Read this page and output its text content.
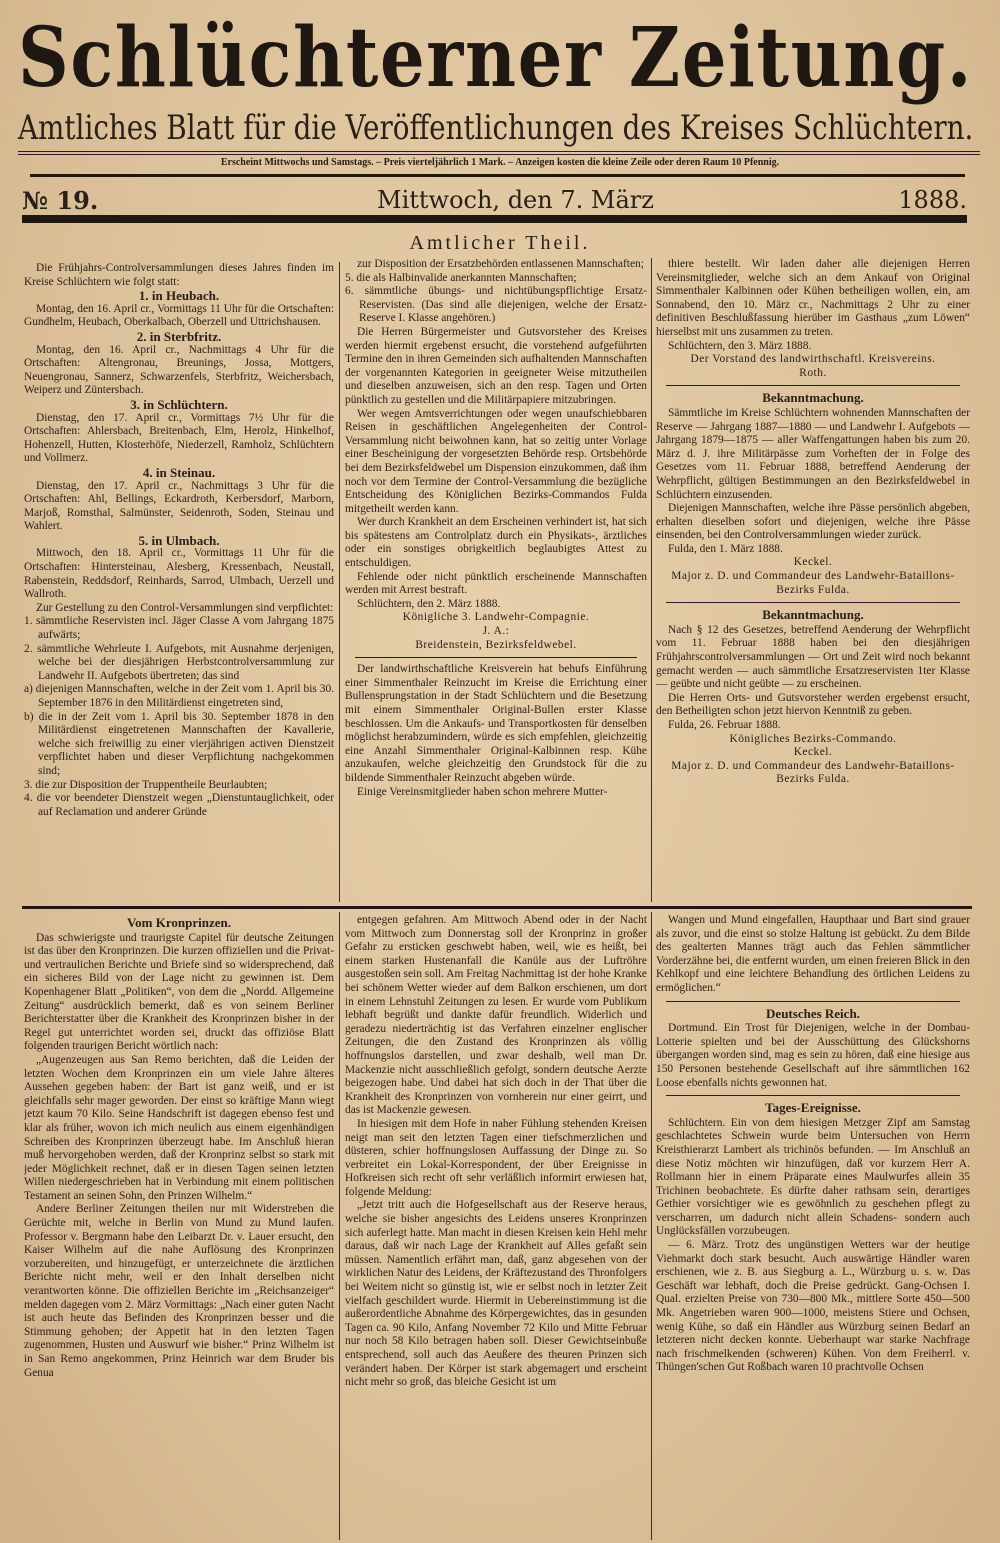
Schlüchterner Zeitung.
Amtliches Blatt für die Veröffentlichungen des Kreises Schlüchtern.
Erscheint Mittwochs und Samstags. – Preis vierteljährlich 1 Mark. – Anzeigen kosten die kleine Zeile oder deren Raum 10 Pfennig.
№ 19.	Mittwoch, den 7. März	1888.
Amtlicher Theil.

Die Frühjahrs-Controlversammlungen dieses Jahres finden im Kreise Schlüchtern wie folgt statt:

1. in Heubach.

Montag, den 16. April cr., Vormittags 11 Uhr für die Ortschaften: Gundhelm, Heubach, Oberkalbach, Oberzell und Uttrichshausen.

2. in Sterbfritz.

Montag, den 16. April cr., Nachmittags 4 Uhr für die Ortschaften: Altengronau, Breunings, Jossa, Mottgers, Neuengronau, Sannerz, Schwarzenfels, Sterbfritz, Weichersbach, Weiperz und Züntersbach.

3. in Schlüchtern.

Dienstag, den 17. April cr., Vormittags 7½ Uhr für die Ortschaften: Ahlersbach, Breitenbach, Elm, Herolz, Hinkelhof, Hohenzell, Hutten, Klosterhöfe, Niederzell, Ramholz, Schlüchtern und Vollmerz.

4. in Steinau.

Dienstag, den 17. April cr., Nachmittags 3 Uhr für die Ortschaften: Ahl, Bellings, Eckardroth, Kerbersdorf, Marborn, Marjoß, Romsthal, Salmünster, Seidenroth, Soden, Steinau und Wahlert.

5. in Ulmbach.

Mittwoch, den 18. April cr., Vormittags 11 Uhr für die Ortschaften: Hintersteinau, Alesberg, Kressenbach, Neustall, Rabenstein, Reddsdorf, Reinhards, Sarrod, Ulmbach, Uerzell und Wallroth.

Zur Gestellung zu den Control-Versammlungen sind verpflichtet:

1. sämmtliche Reservisten incl. Jäger Classe A vom Jahrgang 1875 aufwärts;

2. sämmtliche Wehrleute I. Aufgebots, mit Ausnahme derjenigen, welche bei der diesjährigen Herbstcontrolversammlung zur Landwehr II. Aufgebots übertreten; das sind

a) diejenigen Mannschaften, welche in der Zeit vom 1. April bis 30. September 1876 in den Militärdienst eingetreten sind,

b) die in der Zeit vom 1. April bis 30. September 1878 in den Militärdienst eingetretenen Mannschaften der Kavallerie, welche sich freiwillig zu einer vierjährigen activen Dienstzeit verpflichtet haben und dieser Verpflichtung nachgekommen sind;

3. die zur Disposition der Truppentheile Beurlaubten;

4. die vor beendeter Dienstzeit wegen „Dienstuntauglichkeit, oder auf Reclamation und anderer Gründe

zur Disposition der Ersatzbehörden entlassenen Mannschaften;

5. die als Halbinvalide anerkannten Mannschaften;

6. sämmtliche übungs- und nichtübungspflichtige Ersatz-Reservisten. (Das sind alle diejenigen, welche der Ersatz-Reserve I. Klasse angehören.)

Die Herren Bürgermeister und Gutsvorsteher des Kreises werden hiermit ergebenst ersucht, die vorstehend aufgeführten Termine den in ihren Gemeinden sich aufhaltenden Mannschaften der vorgenannten Kategorien in geeigneter Weise mitzutheilen und dieselben anzuweisen, sich an den resp. Tagen und Orten pünktlich zu gestellen und die Militärpapiere mitzubringen.

Wer wegen Amtsverrichtungen oder wegen unaufschiebbaren Reisen in geschäftlichen Angelegenheiten der Control-Versammlung nicht beiwohnen kann, hat so zeitig unter Vorlage einer Bescheinigung der vorgesetzten Behörde resp. Ortsbehörde bei dem Bezirksfeldwebel um Dispension einzukommen, daß ihm noch vor dem Termine der Control-Versammlung die bezügliche Entscheidung des Königlichen Bezirks-Commandos Fulda mitgetheilt werden kann.

Wer durch Krankheit an dem Erscheinen verhindert ist, hat sich bis spätestens am Controlplatz durch ein Physikats-, ärztliches oder ein sonstiges obrigkeitlich beglaubigtes Attest zu entschuldigen.

Fehlende oder nicht pünktlich erscheinende Mannschaften werden mit Arrest bestraft.

Schlüchtern, den 2. März 1888.

Königliche 3. Landwehr-Compagnie.

J. A.:

Breidenstein, Bezirksfeldwebel.

Der landwirthschaftliche Kreisverein hat behufs Einführung einer Simmenthaler Reinzucht im Kreise die Errichtung einer Bullensprungstation in der Stadt Schlüchtern und die Besetzung mit einem Simmenthaler Original-Bullen erster Klasse beschlossen. Um die Ankaufs- und Transportkosten für denselben möglichst herabzumindern, würde es sich empfehlen, gleichzeitig eine Anzahl Simmenthaler Original-Kalbinnen resp. Kühe anzukaufen, welche gleichzeitig den Grundstock für die zu bildende Simmenthaler Reinzucht abgeben würde.

Einige Vereinsmitglieder haben schon mehrere Mutter-

thiere bestellt. Wir laden daher alle diejenigen Herren Vereinsmitglieder, welche sich an dem Ankauf von Original Simmenthaler Kalbinnen oder Kühen betheiligen wollen, ein, am Sonnabend, den 10. März cr., Nachmittags 2 Uhr zu einer definitiven Beschlußfassung hierüber im Gasthaus „zum Löwen“ hierselbst mit uns zusammen zu treten.

Schlüchtern, den 3. März 1888.

Der Vorstand des landwirthschaftl. Kreisvereins.

Roth.

Bekanntmachung.

Sämmtliche im Kreise Schlüchtern wohnenden Mannschaften der Reserve — Jahrgang 1887—1880 — und Landwehr I. Aufgebots — Jahrgang 1879—1875 — aller Waffengattungen haben bis zum 20. März d. J. ihre Militärpässe zum Vorheften der in Folge des Gesetzes vom 11. Februar 1888, betreffend Aenderung der Wehrpflicht, gültigen Bestimmungen an den Bezirksfeldwebel in Schlüchtern einzusenden.

Diejenigen Mannschaften, welche ihre Pässe persönlich abgeben, erhalten dieselben sofort und diejenigen, welche ihre Pässe einsenden, bei den Controlversammlungen wieder zurück.

Fulda, den 1. März 1888.

Keckel.

Major z. D. und Commandeur des Landwehr-Bataillons-Bezirks Fulda.

Bekanntmachung.

Nach § 12 des Gesetzes, betreffend Aenderung der Wehrpflicht vom 11. Februar 1888 haben bei den diesjährigen Frühjahrscontrolversammlungen — Ort und Zeit wird noch bekannt gemacht werden — auch sämmtliche Ersatzreservisten 1ter Klasse — geübte und nicht geübte — zu erscheinen.

Die Herren Orts- und Gutsvorsteher werden ergebenst ersucht, den Betheiligten schon jetzt hiervon Kenntniß zu geben.

Fulda, 26. Februar 1888.

Königliches Bezirks-Commando.

Keckel.

Major z. D. und Commandeur des Landwehr-Bataillons-Bezirks Fulda.

Vom Kronprinzen.

Das schwierigste und traurigste Capitel für deutsche Zeitungen ist das über den Kronprinzen. Die kurzen offiziellen und die Privat- und vertraulichen Berichte und Briefe sind so widersprechend, daß ein sicheres Bild von der Lage nicht zu gewinnen ist. Dem Kopenhagener Blatt „Politiken“, von dem die „Nordd. Allgemeine Zeitung“ ausdrücklich bemerkt, daß es von seinem Berliner Berichterstatter über die Krankheit des Kronprinzen bisher in der Regel gut unterrichtet worden sei, druckt das offiziöse Blatt folgenden traurigen Bericht wörtlich nach:

„Augenzeugen aus San Remo berichten, daß die Leiden der letzten Wochen dem Kronprinzen ein um viele Jahre älteres Aussehen gegeben haben: der Bart ist ganz weiß, und er ist gleichfalls sehr mager geworden. Der einst so kräftige Mann wiegt jetzt kaum 70 Kilo. Seine Handschrift ist dagegen ebenso fest und klar als früher, wovon ich mich neulich aus einem eigenhändigen Schreiben des Kronprinzen überzeugt habe. Im Anschluß hieran muß hervorgehoben werden, daß der Kronprinz selbst so stark mit jeder Möglichkeit rechnet, daß er in diesen Tagen seinen letzten Willen niedergeschrieben hat in Verbindung mit einem politischen Testament an seinen Sohn, den Prinzen Wilhelm.“

Andere Berliner Zeitungen theilen nur mit Widerstreben die Gerüchte mit, welche in Berlin von Mund zu Mund laufen. Professor v. Bergmann habe den Leibarzt Dr. v. Lauer ersucht, den Kaiser Wilhelm auf die nahe Auflösung des Kronprinzen vorzubereiten, und hinzugefügt, er unterzeichnete die ärztlichen Berichte nicht mehr, weil er den Inhalt derselben nicht verantworten könne. Die offiziellen Berichte im „Reichsanzeiger“ melden dagegen vom 2. März Vormittags: „Nach einer guten Nacht ist auch heute das Befinden des Kronprinzen besser und die Stimmung gehoben; der Appetit hat in den letzten Tagen zugenommen, Husten und Auswurf wie bisher.“ Prinz Wilhelm ist in San Remo angekommen, Prinz Heinrich war dem Bruder bis Genua

entgegen gefahren. Am Mittwoch Abend oder in der Nacht vom Mittwoch zum Donnerstag soll der Kronprinz in großer Gefahr zu ersticken geschwebt haben, weil, wie es heißt, bei einem starken Hustenanfall die Kanüle aus der Luftröhre ausgestoßen sein soll. Am Freitag Nachmittag ist der hohe Kranke bei schönem Wetter wieder auf dem Balkon erschienen, um dort in einem Lehnstuhl Zeitungen zu lesen. Er wurde vom Publikum lebhaft begrüßt und dankte dafür freundlich. Widerlich und geradezu niederträchtig ist das Verfahren einzelner englischer Zeitungen, die den Zustand des Kronprinzen als völlig hoffnungslos darstellen, und zwar deshalb, weil man Dr. Mackenzie nicht ausschließlich gefolgt, sondern deutsche Aerzte beigezogen habe. Und dabei hat sich doch in der That über die Krankheit des Kronprinzen von vornherein nur einer geirrt, und das ist Mackenzie gewesen.

In hiesigen mit dem Hofe in naher Fühlung stehenden Kreisen neigt man seit den letzten Tagen einer tiefschmerzlichen und düsteren, schier hoffnungslosen Auffassung der Dinge zu. So verbreitet ein Lokal-Korrespondent, der über Ereignisse in Hofkreisen sich recht oft sehr verläßlich informirt erwiesen hat, folgende Meldung:

„Jetzt tritt auch die Hofgesellschaft aus der Reserve heraus, welche sie bisher angesichts des Leidens unseres Kronprinzen sich auferlegt hatte. Man macht in diesen Kreisen kein Hehl mehr daraus, daß wir nach Lage der Krankheit auf Alles gefaßt sein müssen. Namentlich erfährt man, daß, ganz abgesehen von der wirklichen Natur des Leidens, der Kräftezustand des Thronfolgers bei Weitem nicht so günstig ist, wie er selbst noch in letzter Zeit vielfach geschildert wurde. Hiermit in Uebereinstimmung ist die außerordentliche Abnahme des Körpergewichtes, das in gesunden Tagen ca. 90 Kilo, Anfang November 72 Kilo und Mitte Februar nur noch 58 Kilo betragen haben soll. Dieser Gewichtseinbuße entsprechend, soll auch das Aeußere des theuren Prinzen sich verändert haben. Der Körper ist stark abgemagert und erscheint nicht mehr so groß, das bleiche Gesicht ist um

Wangen und Mund eingefallen, Haupthaar und Bart sind grauer als zuvor, und die einst so stolze Haltung ist gebückt. Zu dem Bilde des gealterten Mannes trägt auch das Fehlen sämmtlicher Vorderzähne bei, die entfernt wurden, um einen freieren Blick in den Kehlkopf und eine leichtere Behandlung des örtlichen Leidens zu ermöglichen.“

Deutsches Reich.

Dortmund. Ein Trost für Diejenigen, welche in der Dombau-Lotterie spielten und bei der Ausschüttung des Glückshorns übergangen worden sind, mag es sein zu hören, daß eine hiesige aus 150 Personen bestehende Gesellschaft auf ihre sämmtlichen 162 Loose ebenfalls nichts gewonnen hat.

Tages-Ereignisse.

Schlüchtern. Ein von dem hiesigen Metzger Zipf am Samstag geschlachtetes Schwein wurde beim Untersuchen von Herrn Kreisthierarzt Lambert als trichinös befunden. — Im Anschluß an diese Notiz möchten wir hinzufügen, daß vor kurzem Herr A. Rollmann hier in einem Präparate eines Maulwurfes allein 35 Trichinen beobachtete. Es dürfte daher rathsam sein, derartiges Gethier vorsichtiger wie es gewöhnlich zu geschehen pflegt zu verscharren, um dadurch nicht allein Schadens- sondern auch Unglücksfällen vorzubeugen.

— 6. März. Trotz des ungünstigen Wetters war der heutige Viehmarkt doch stark besucht. Auch auswärtige Händler waren erschienen, wie z. B. aus Siegburg a. L., Würzburg u. s. w. Das Geschäft war lebhaft, doch die Preise gedrückt. Gang-Ochsen I. Qual. erzielten Preise von 730—800 Mk., mittlere Sorte 450—500 Mk. Angetrieben waren 900—1000, meistens Stiere und Ochsen, wenig Kühe, so daß ein Händler aus Würzburg seinen Bedarf an letzteren nicht decken konnte. Ueberhaupt war starke Nachfrage nach frischmelkenden (schweren) Kühen. Von dem Freiherrl. v. Thüngen'schen Gut Roßbach waren 10 prachtvolle Ochsen
